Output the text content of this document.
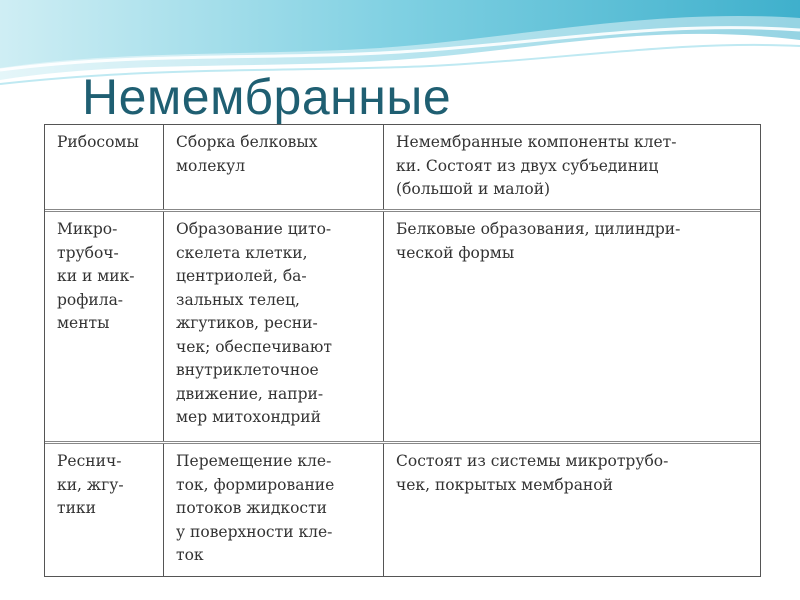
Немембранные
Рибосомы	Сборка белковых
молекул
Немембранные компоненты клет-
ки. Состоят из двух субъединиц
(большой и малой)
Микро-
трубоч-
ки и мик-
рофила-
менты
Образование цито-
скелета клетки,
центриолей, ба-
зальных телец,
жгутиков, ресни-
чек; обеспечивают
внутриклеточное
движение, напри-
мер митохондрий
Белковые образования, цилиндри-
ческой формы
Реснич-
ки, жгу-
тики
Перемещение кле-
ток, формирование
потоков жидкости
у поверхности кле-
ток
Состоят из системы микротрубо-
чек, покрытых мембраной
